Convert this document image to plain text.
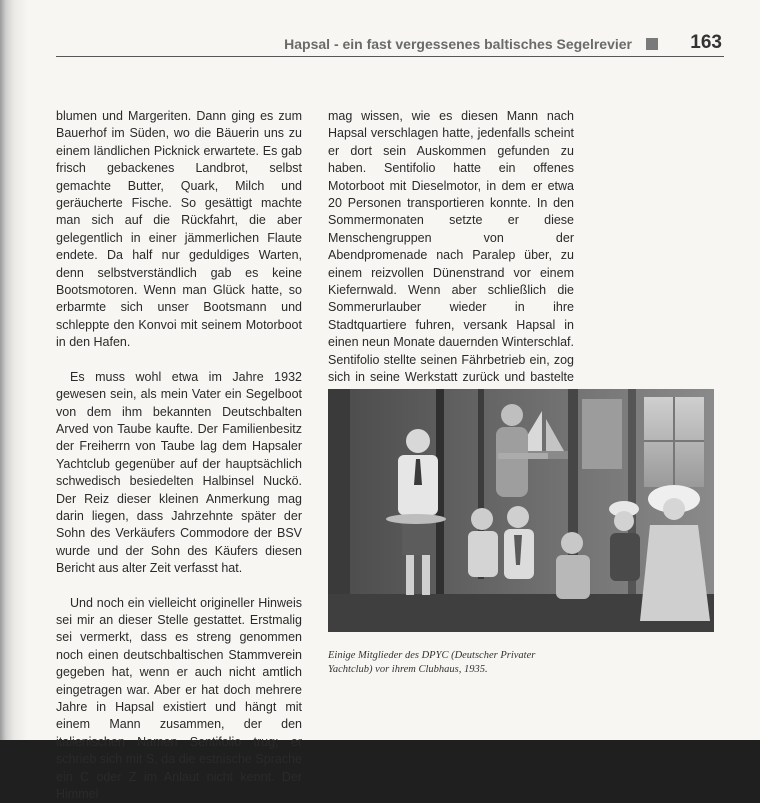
Hapsal - ein fast vergessenes baltisches Segelrevier	163

blumen und Margeriten. Dann ging es zum Bauerhof im Süden, wo die Bäuerin uns zu einem ländlichen Picknick erwartete. Es gab frisch gebackenes Landbrot, selbst gemachte Butter, Quark, Milch und geräucherte Fische. So gesättigt machte man sich auf die Rückfahrt, die aber gelegentlich in einer jämmerlichen Flaute endete. Da half nur geduldiges Warten, denn selbstverständlich gab es keine Bootsmotoren. Wenn man Glück hatte, so erbarmte sich unser Bootsmann und schleppte den Konvoi mit seinem Motorboot in den Hafen.

Es muss wohl etwa im Jahre 1932 gewesen sein, als mein Vater ein Segelboot von dem ihm bekannten Deutschbalten Arved von Taube kaufte. Der Familienbesitz der Freiherrn von Taube lag dem Hapsaler Yachtclub gegenüber auf der hauptsächlich schwedisch besiedelten Halbinsel Nuckö. Der Reiz dieser kleinen Anmerkung mag darin liegen, dass Jahrzehnte später der Sohn des Verkäufers Commodore der BSV wurde und der Sohn des Käufers diesen Bericht aus alter Zeit verfasst hat.

Und noch ein vielleicht origineller Hinweis sei mir an dieser Stelle gestattet. Erstmalig sei vermerkt, dass es streng genommen noch einen deutschbaltischen Stammverein gegeben hat, wenn er auch nicht amtlich eingetragen war. Aber er hat doch mehrere Jahre in Hapsal existiert und hängt mit einem Mann zusammen, der den italienischen Namen Sentifolio trug; er schrieb sich mit S, da die estnische Sprache ein C oder Z im Anlaut nicht kennt. Der Himmel

mag wissen, wie es diesen Mann nach Hapsal verschlagen hatte, jedenfalls scheint er dort sein Auskommen gefunden zu haben. Sentifolio hatte ein offenes Motorboot mit Dieselmotor, in dem er etwa 20 Personen transportieren konnte. In den Sommermonaten setzte er diese Menschengruppen von der Abendpromenade nach Paralep über, zu einem reizvollen Dünenstrand vor einem Kiefernwald. Wenn aber schließlich die Sommerurlauber wieder in ihre Stadtquartiere fuhren, versank Hapsal in einen neun Monate dauernden Winterschlaf. Sentifolio stellte seinen Fährbetrieb ein, zog sich in seine Werkstatt zurück und bastelte

Einige Mitglieder des DPYC (Deutscher Privater Yachtclub) vor ihrem Clubhaus, 1935.
